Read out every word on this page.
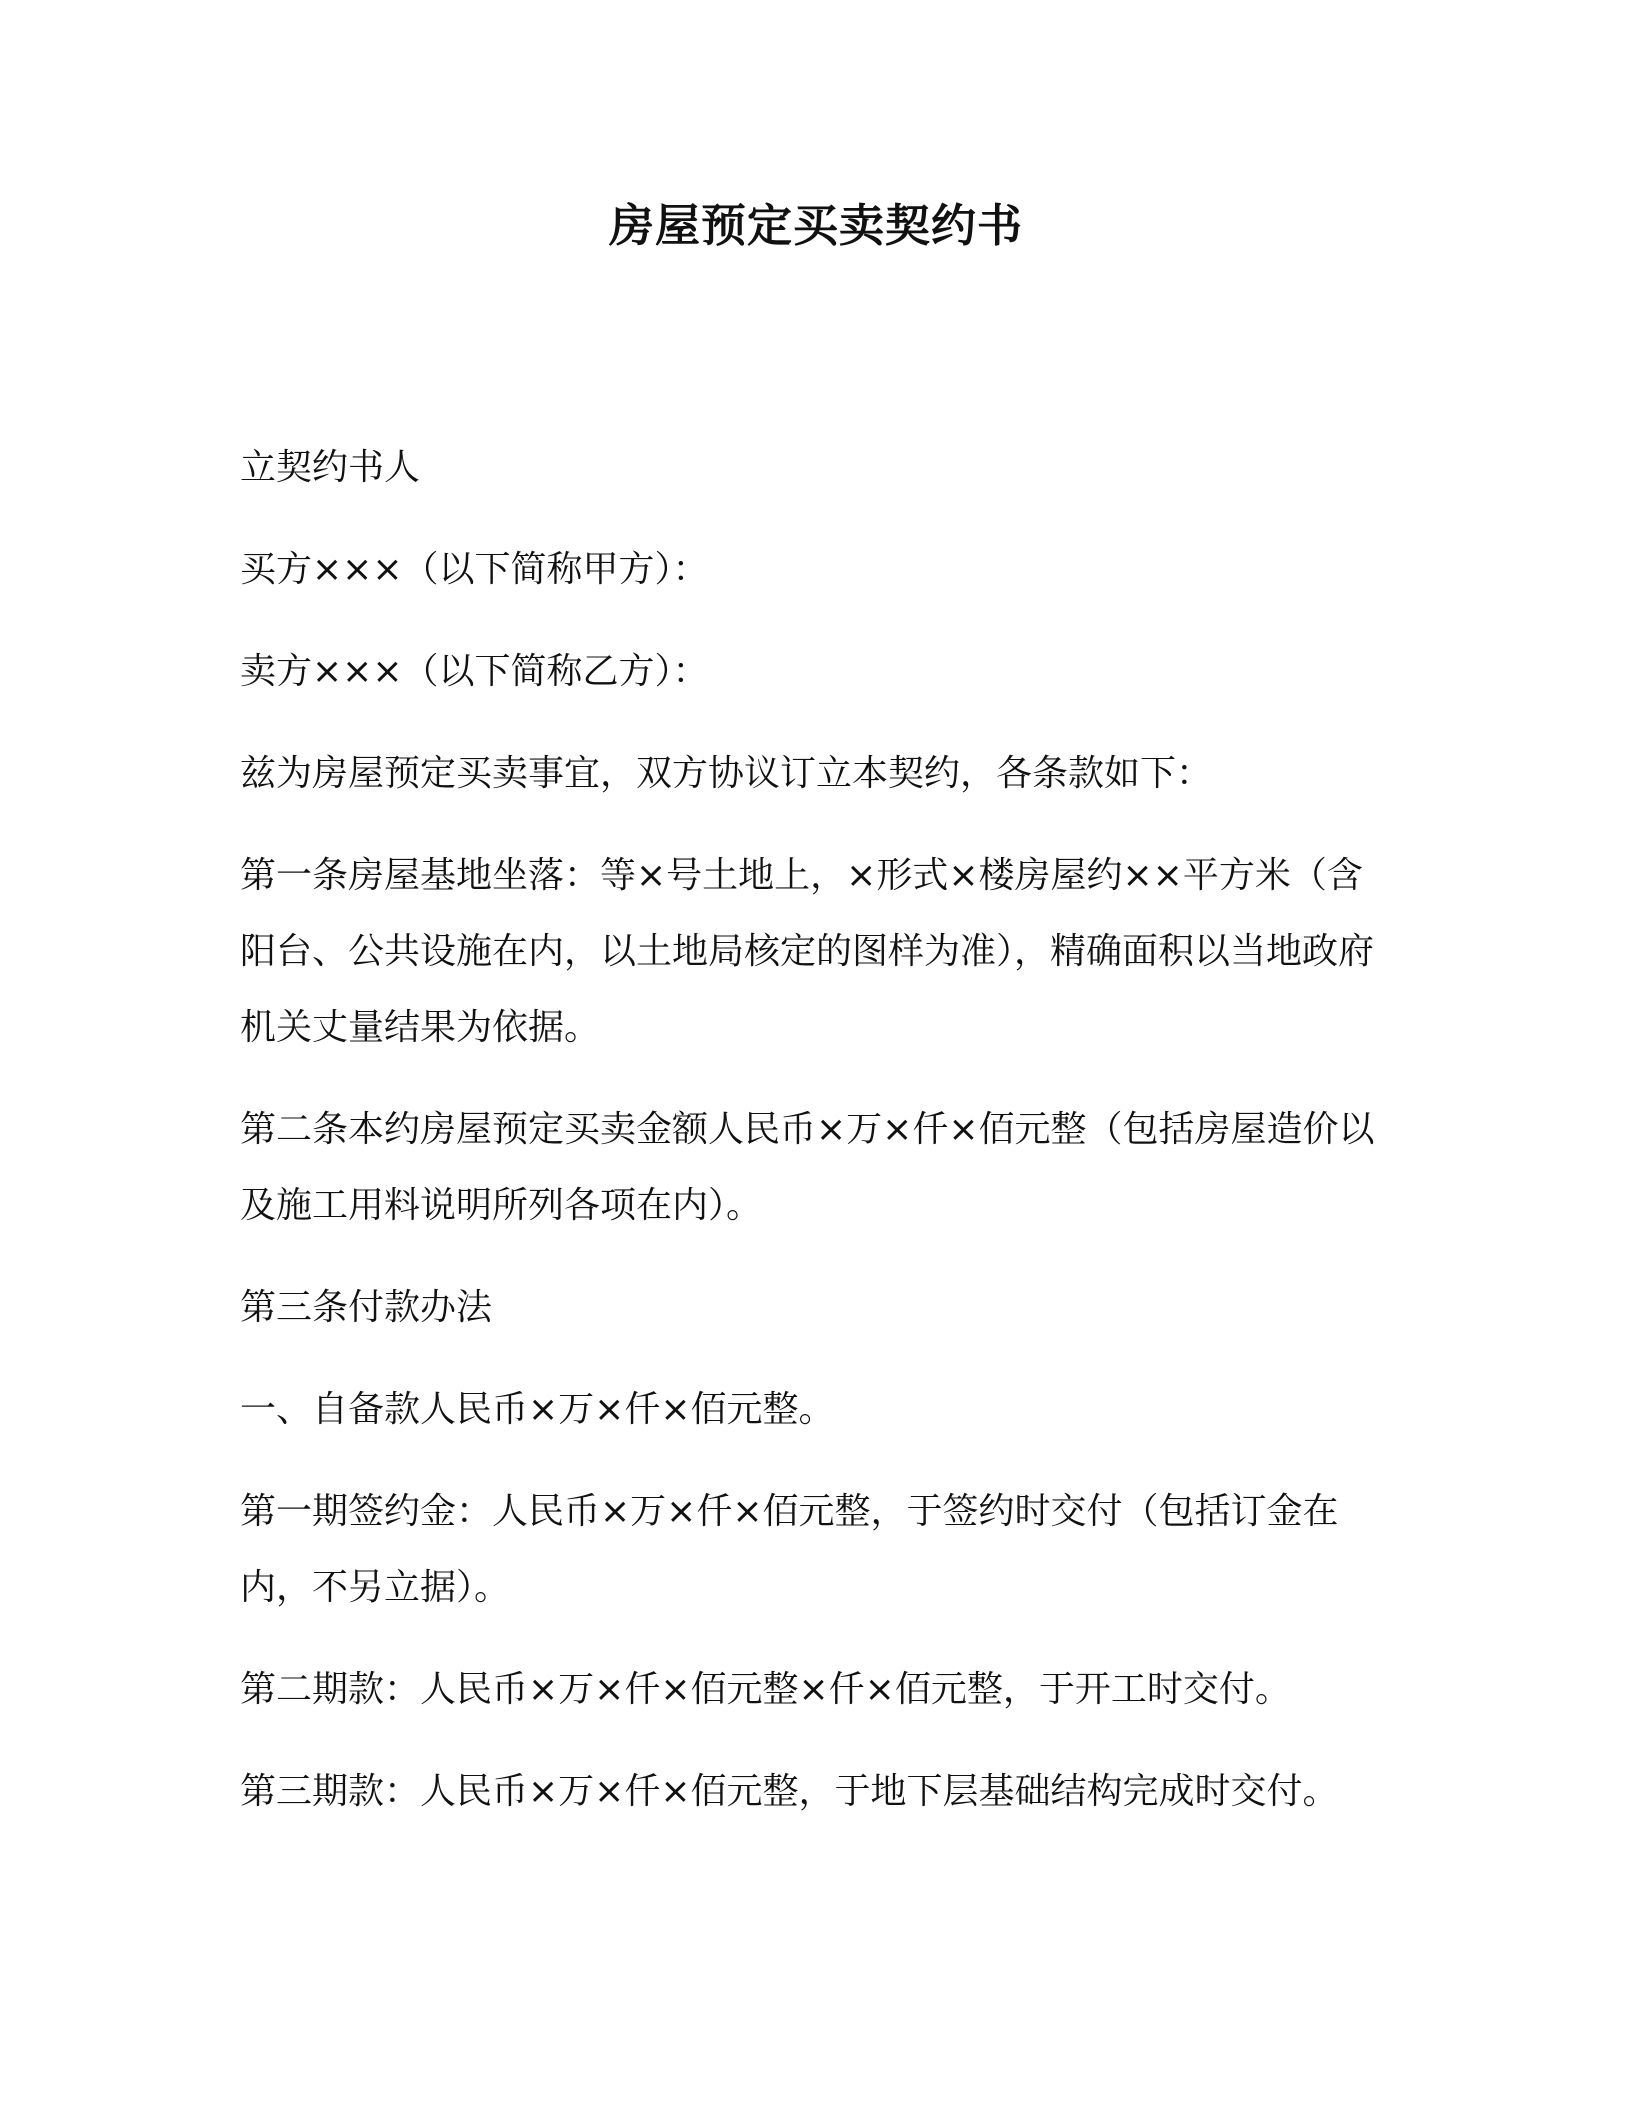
房屋预定买卖契约书

立契约书人

买方×××（以下简称甲方）：

卖方×××（以下简称乙方）：

兹为房屋预定买卖事宜，双方协议订立本契约，各条款如下：

第一条房屋基地坐落：等×号土地上，×形式×楼房屋约××平方米（含阳台、公共设施在内，以土地局核定的图样为准），精确面积以当地政府机关丈量结果为依据。

第二条本约房屋预定买卖金额人民币×万×仟×佰元整（包括房屋造价以及施工用料说明所列各项在内）。

第三条付款办法

一、自备款人民币×万×仟×佰元整。

第一期签约金：人民币×万×仟×佰元整，于签约时交付（包括订金在内，不另立据）。

第二期款：人民币×万×仟×佰元整×仟×佰元整，于开工时交付。

第三期款：人民币×万×仟×佰元整，于地下层基础结构完成时交付。
